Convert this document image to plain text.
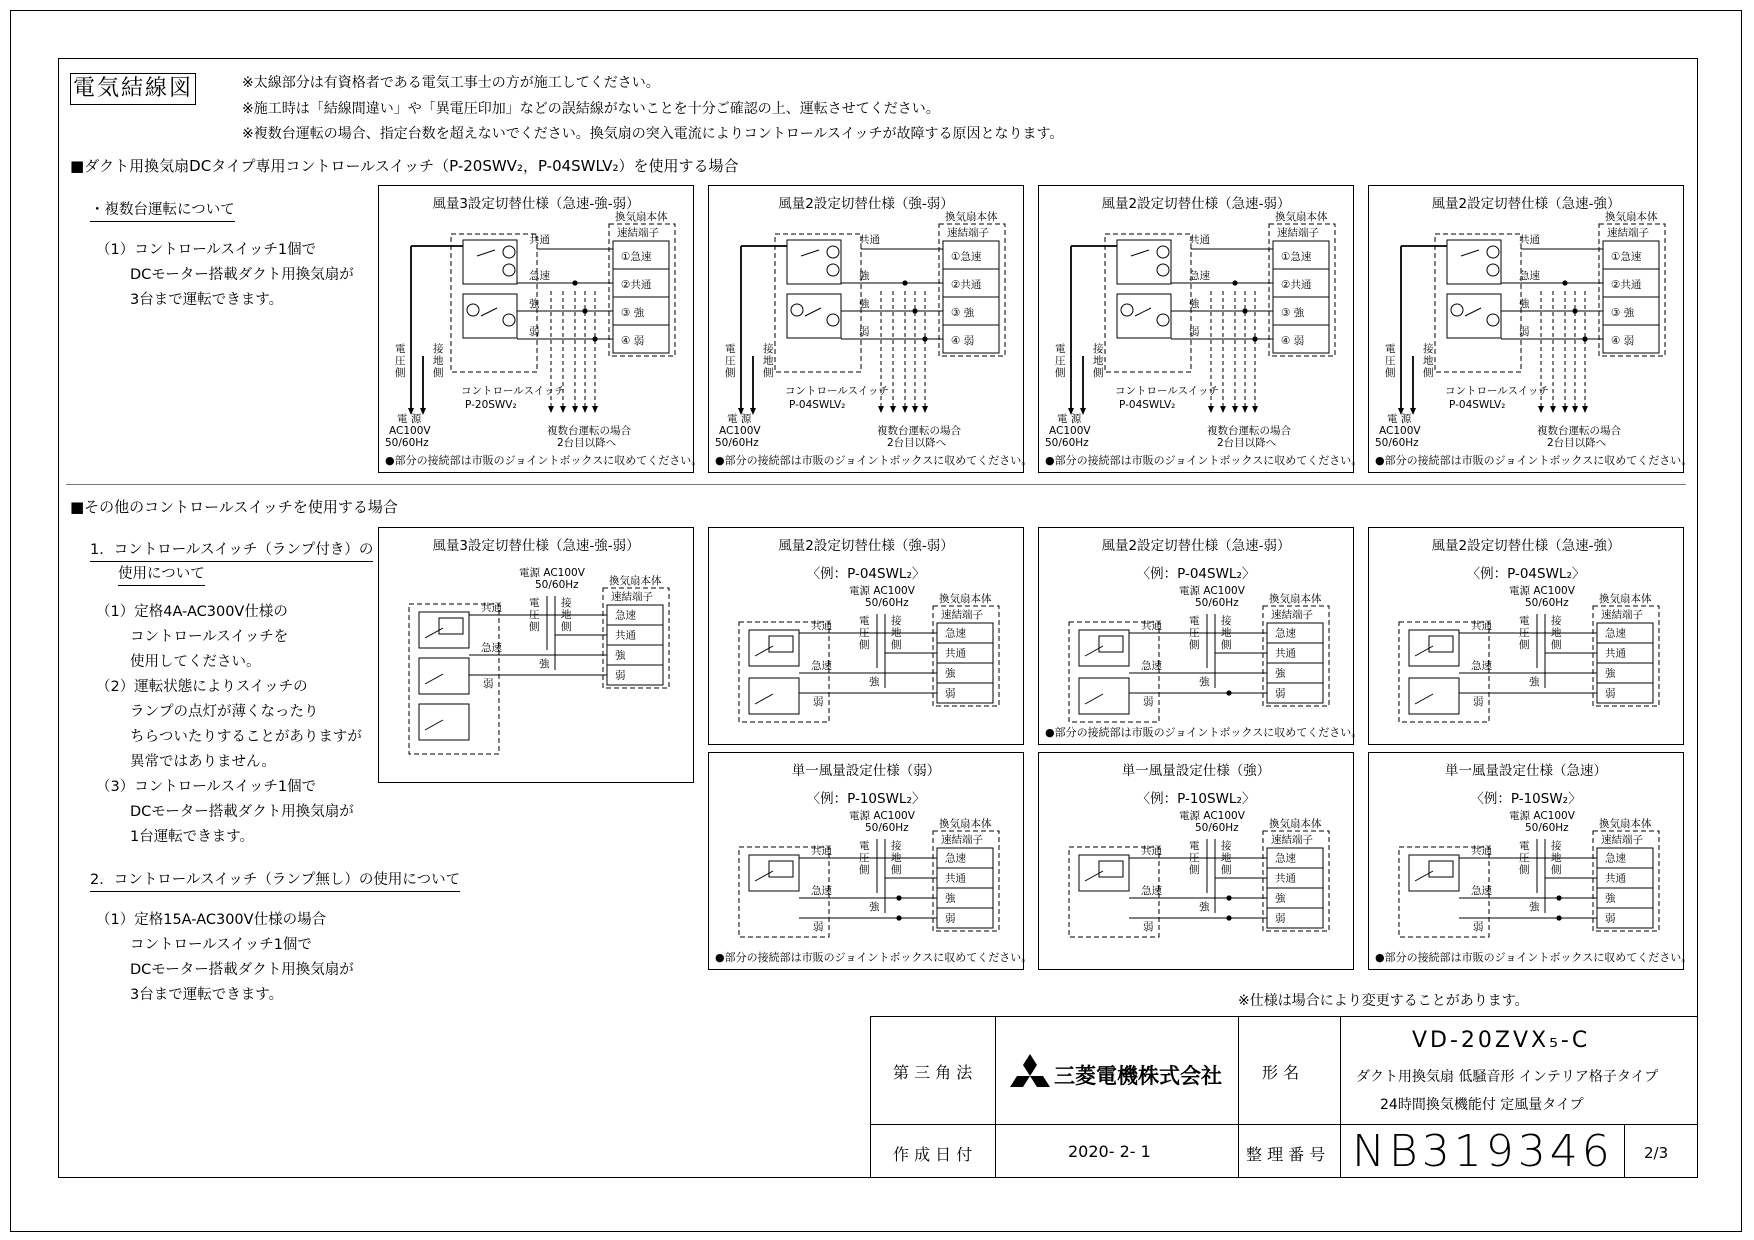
電気結線図	※太線部分は有資格者である電気工事士の方が施工してください。
※施工時は「結線間違い」や「異電圧印加」などの誤結線がないことを十分ご確認の上、運転させてください。
※複数台運転の場合、指定台数を超えないでください。換気扇の突入電流によりコントロールスイッチが故障する原因となります。
■ダクト用換気扇DCタイプ専用コントロールスイッチ（P-20SWV₂，P-04SWLV₂）を使用する場合
・複数台運転について
（1）コントロールスイッチ1個で
DCモーター搭載ダクト用換気扇が
3台まで運転できます。
風量3設定切替仕様（急速-強-弱）
換気扇本体
速結端子
①急速
②共通
③ 強
④ 弱
共通
急速
強
弱
電
圧
側
接
地
側
コントロールスイッチ
P-20SWV₂
電 源
AC100V
50/60Hz
複数台運転の場合
2台目以降へ
●部分の接続部は市販のジョイントボックスに収めてください。
風量2設定切替仕様（強-弱）
換気扇本体
速結端子
①急速
②共通
③ 強
④ 弱
共通
強
強
弱
電
圧
側
接
地
側
コントロールスイッチ
P-04SWLV₂
電 源
AC100V
50/60Hz
複数台運転の場合
2台目以降へ
●部分の接続部は市販のジョイントボックスに収めてください。
風量2設定切替仕様（急速-弱）
換気扇本体
速結端子
①急速
②共通
③ 強
④ 弱
共通
急速
強
弱
電
圧
側
接
地
側
コントロールスイッチ
P-04SWLV₂
電 源
AC100V
50/60Hz
複数台運転の場合
2台目以降へ
●部分の接続部は市販のジョイントボックスに収めてください。
風量2設定切替仕様（急速-強）
換気扇本体
速結端子
①急速
②共通
③ 強
④ 弱
共通
急速
強
弱
電
圧
側
接
地
側
コントロールスイッチ
P-04SWLV₂
電 源
AC100V
50/60Hz
複数台運転の場合
2台目以降へ
●部分の接続部は市販のジョイントボックスに収めてください。
■その他のコントロールスイッチを使用する場合
1．コントロールスイッチ（ランプ付き）の
使用について
（1）定格4A-AC300V仕様の
コントロールスイッチを
使用してください。
（2）運転状態によりスイッチの
ランプの点灯が薄くなったり
ちらついたりすることがありますが
異常ではありません。
（3）コントロールスイッチ1個で
DCモーター搭載ダクト用換気扇が
1台運転できます。
2．コントロールスイッチ（ランプ無し）の使用について
（1）定格15A-AC300V仕様の場合
コントロールスイッチ1個で
DCモーター搭載ダクト用換気扇が
3台まで運転できます。
風量3設定切替仕様（急速-強-弱）
換気扇本体
速結端子
急速
共通
強
弱
電源 AC100V
50/60Hz
電
圧
側
接
地
側
共通
急速
強
弱
風量2設定切替仕様（強-弱）
〈例：P-04SWL₂〉
換気扇本体
速結端子
急速
共通
強
弱
電源 AC100V
50/60Hz
電
圧
側
接
地
側
共通
急速
強
弱
風量2設定切替仕様（急速-弱）
〈例：P-04SWL₂〉
換気扇本体
速結端子
急速
共通
強
弱
電源 AC100V
50/60Hz
電
圧
側
接
地
側
共通
急速
強
弱
●部分の接続部は市販のジョイントボックスに収めてください。
風量2設定切替仕様（急速-強）
〈例：P-04SWL₂〉
換気扇本体
速結端子
急速
共通
強
弱
電源 AC100V
50/60Hz
電
圧
側
接
地
側
共通
急速
強
弱
単一風量設定仕様（弱）
〈例：P-10SWL₂〉
換気扇本体
速結端子
急速
共通
強
弱
電源 AC100V
50/60Hz
電
圧
側
接
地
側
共通
急速
強
弱
●部分の接続部は市販のジョイントボックスに収めてください。
単一風量設定仕様（強）
〈例：P-10SWL₂〉
換気扇本体
速結端子
急速
共通
強
弱
電源 AC100V
50/60Hz
電
圧
側
接
地
側
共通
急速
強
弱
単一風量設定仕様（急速）
〈例：P-10SW₂〉
換気扇本体
速結端子
急速
共通
強
弱
電源 AC100V
50/60Hz
電
圧
側
接
地
側
共通
急速
強
弱
●部分の接続部は市販のジョイントボックスに収めてください。
※仕様は場合により変更することがあります。
第 三 角 法	三菱電機株式会社	形 名
VD-20ZVX₅-C
ダクト用換気扇 低騒音形 インテリア格子タイプ
24時間換気機能付 定風量タイプ
作 成 日 付	2020- 2- 1	整 理 番 号 NB319346 2/3
